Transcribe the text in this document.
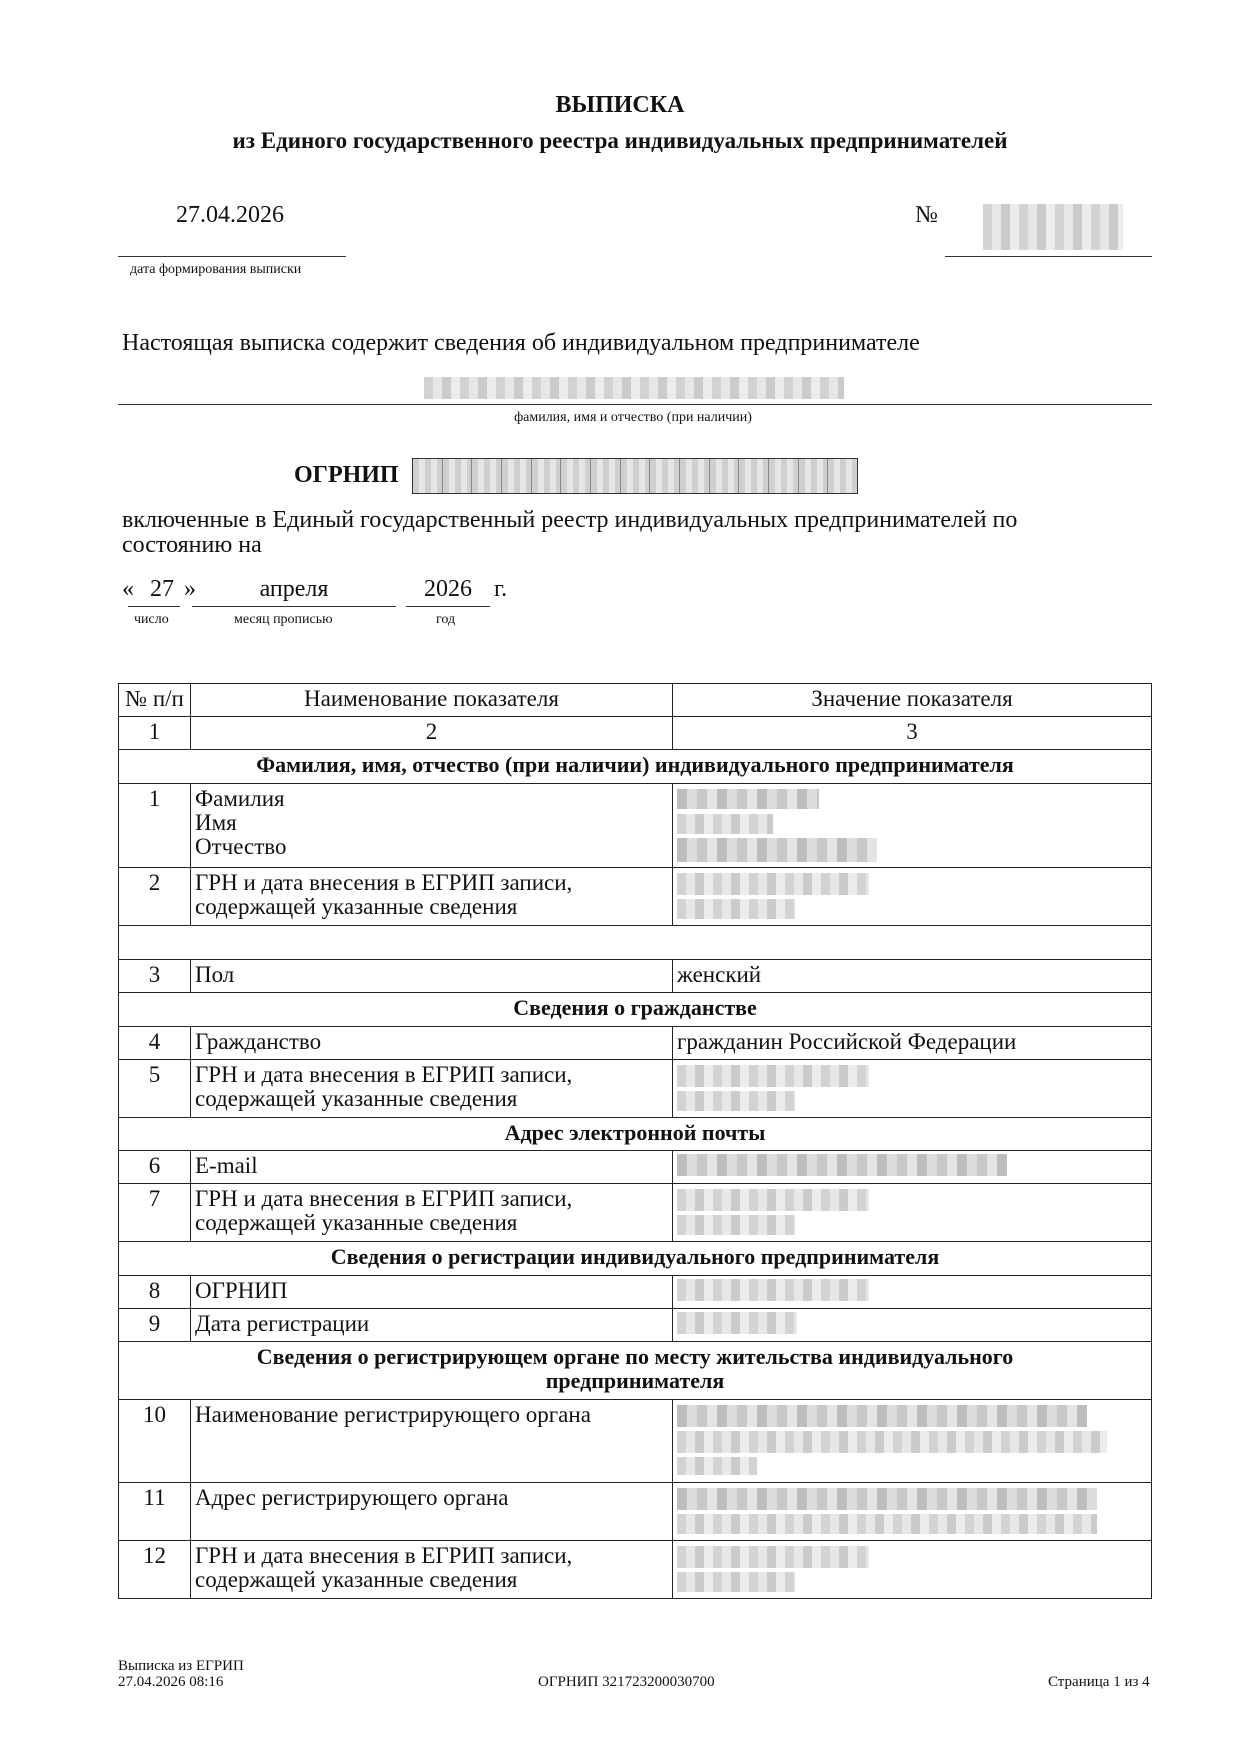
ВЫПИСКА
из Единого государственного реестра индивидуальных предпринимателей
27.04.2026
дата формирования выписки
№
Настоящая выписка содержит сведения об индивидуальном предпринимателе
фамилия, имя и отчество (при наличии)
ОГРНИП
включенные в Единый государственный реестр индивидуальных предпринимателей по состоянию на
« 27 »	апреля	2026 г.
число	месяц прописью	год
№ п/п	Наименование показателя	Значение показателя
1	2	3
Фамилия, имя, отчество (при наличии) индивидуального предпринимателя		
1	Фамилия
Имя
Отчество	

2	ГРН и дата внесения в ЕГРИП записи,
содержащей указанные сведения	

3	Пол	женский
Сведения о гражданстве		
4	Гражданство	гражданин Российской Федерации
5	ГРН и дата внесения в ЕГРИП записи,
содержащей указанные сведения	

Адрес электронной почты		
6	E-mail	

7	ГРН и дата внесения в ЕГРИП записи,
содержащей указанные сведения	

Сведения о регистрации индивидуального предпринимателя		
8	ОГРНИП	

9	Дата регистрации	

Сведения о регистрирующем органе по месту жительства индивидуального предпринимателя		
10	Наименование регистрирующего органа	

11	Адрес регистрирующего органа	

12	ГРН и дата внесения в ЕГРИП записи,
содержащей указанные сведения	

Выписка из ЕГРИП
27.04.2026 08:16	ОГРНИП 321723200030700	Страница 1 из 4
